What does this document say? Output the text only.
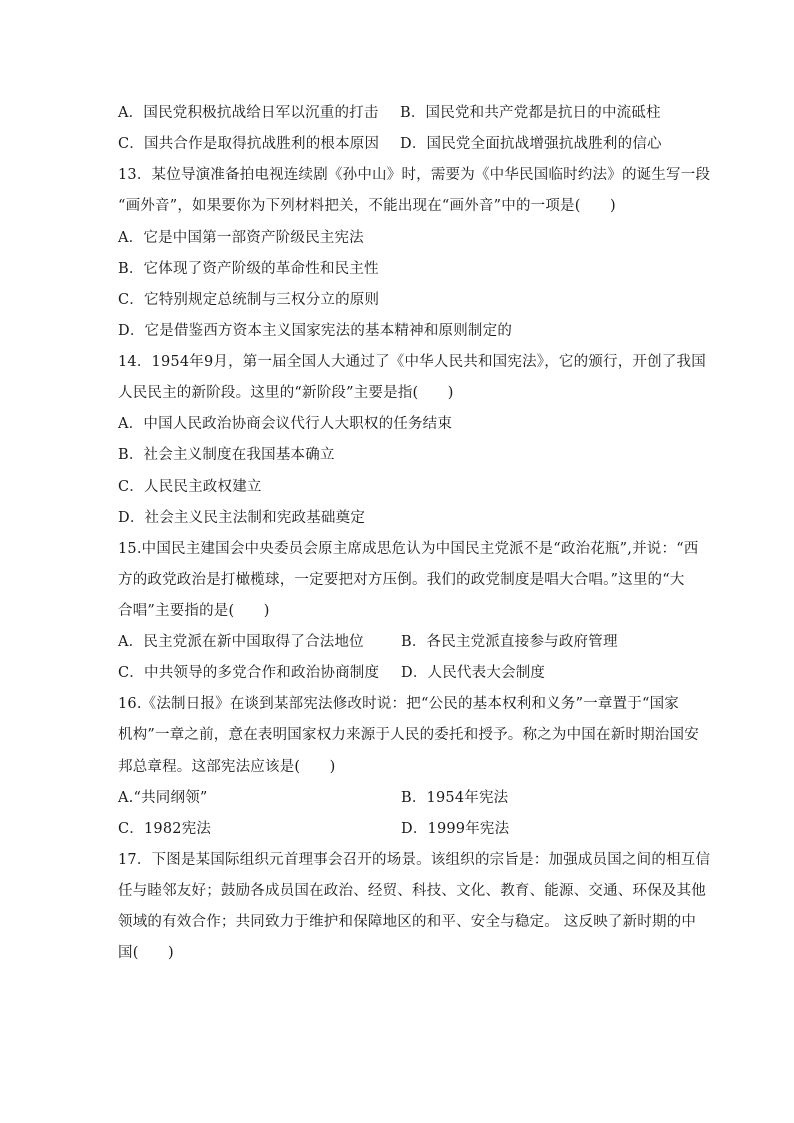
A．国民党积极抗战给日军以沉重的打击 B．国民党和共产党都是抗日的中流砥柱
C．国共合作是取得抗战胜利的根本原因 D．国民党全面抗战增强抗战胜利的信心
13．某位导演准备拍电视连续剧《孙中山》时，需要为《中华民国临时约法》的诞生写一段
“画外音”，如果要你为下列材料把关，不能出现在“画外音”中的一项是(　　)
A．它是中国第一部资产阶级民主宪法
B．它体现了资产阶级的革命性和民主性
C．它特别规定总统制与三权分立的原则
D．它是借鉴西方资本主义国家宪法的基本精神和原则制定的
14．1954年9月，第一届全国人大通过了《中华人民共和国宪法》，它的颁行，开创了我国
人民民主的新阶段。这里的“新阶段”主要是指(　　)
A．中国人民政治协商会议代行人大职权的任务结束
B．社会主义制度在我国基本确立
C．人民民主政权建立
D．社会主义民主法制和宪政基础奠定
15.中国民主建国会中央委员会原主席成思危认为中国民主党派不是“政治花瓶”,并说：“西
方的政党政治是打橄榄球，一定要把对方压倒。我们的政党制度是唱大合唱。”这里的“大
合唱”主要指的是(　　)
A．民主党派在新中国取得了合法地位	B．各民主党派直接参与政府管理
C．中共领导的多党合作和政治协商制度 D．人民代表大会制度
16.《法制日报》在谈到某部宪法修改时说：把“公民的基本权利和义务”一章置于“国家
机构”一章之前，意在表明国家权力来源于人民的委托和授予。称之为中国在新时期治国安
邦总章程。这部宪法应该是(　　)
A.“共同纲领”	B．1954年宪法
C．1982宪法	D．1999年宪法
17．下图是某国际组织元首理事会召开的场景。该组织的宗旨是：加强成员国之间的相互信
任与睦邻友好；鼓励各成员国在政治、经贸、科技、文化、教育、能源、交通、环保及其他
领域的有效合作；共同致力于维护和保障地区的和平、安全与稳定。 这反映了新时期的中
国(　　)
